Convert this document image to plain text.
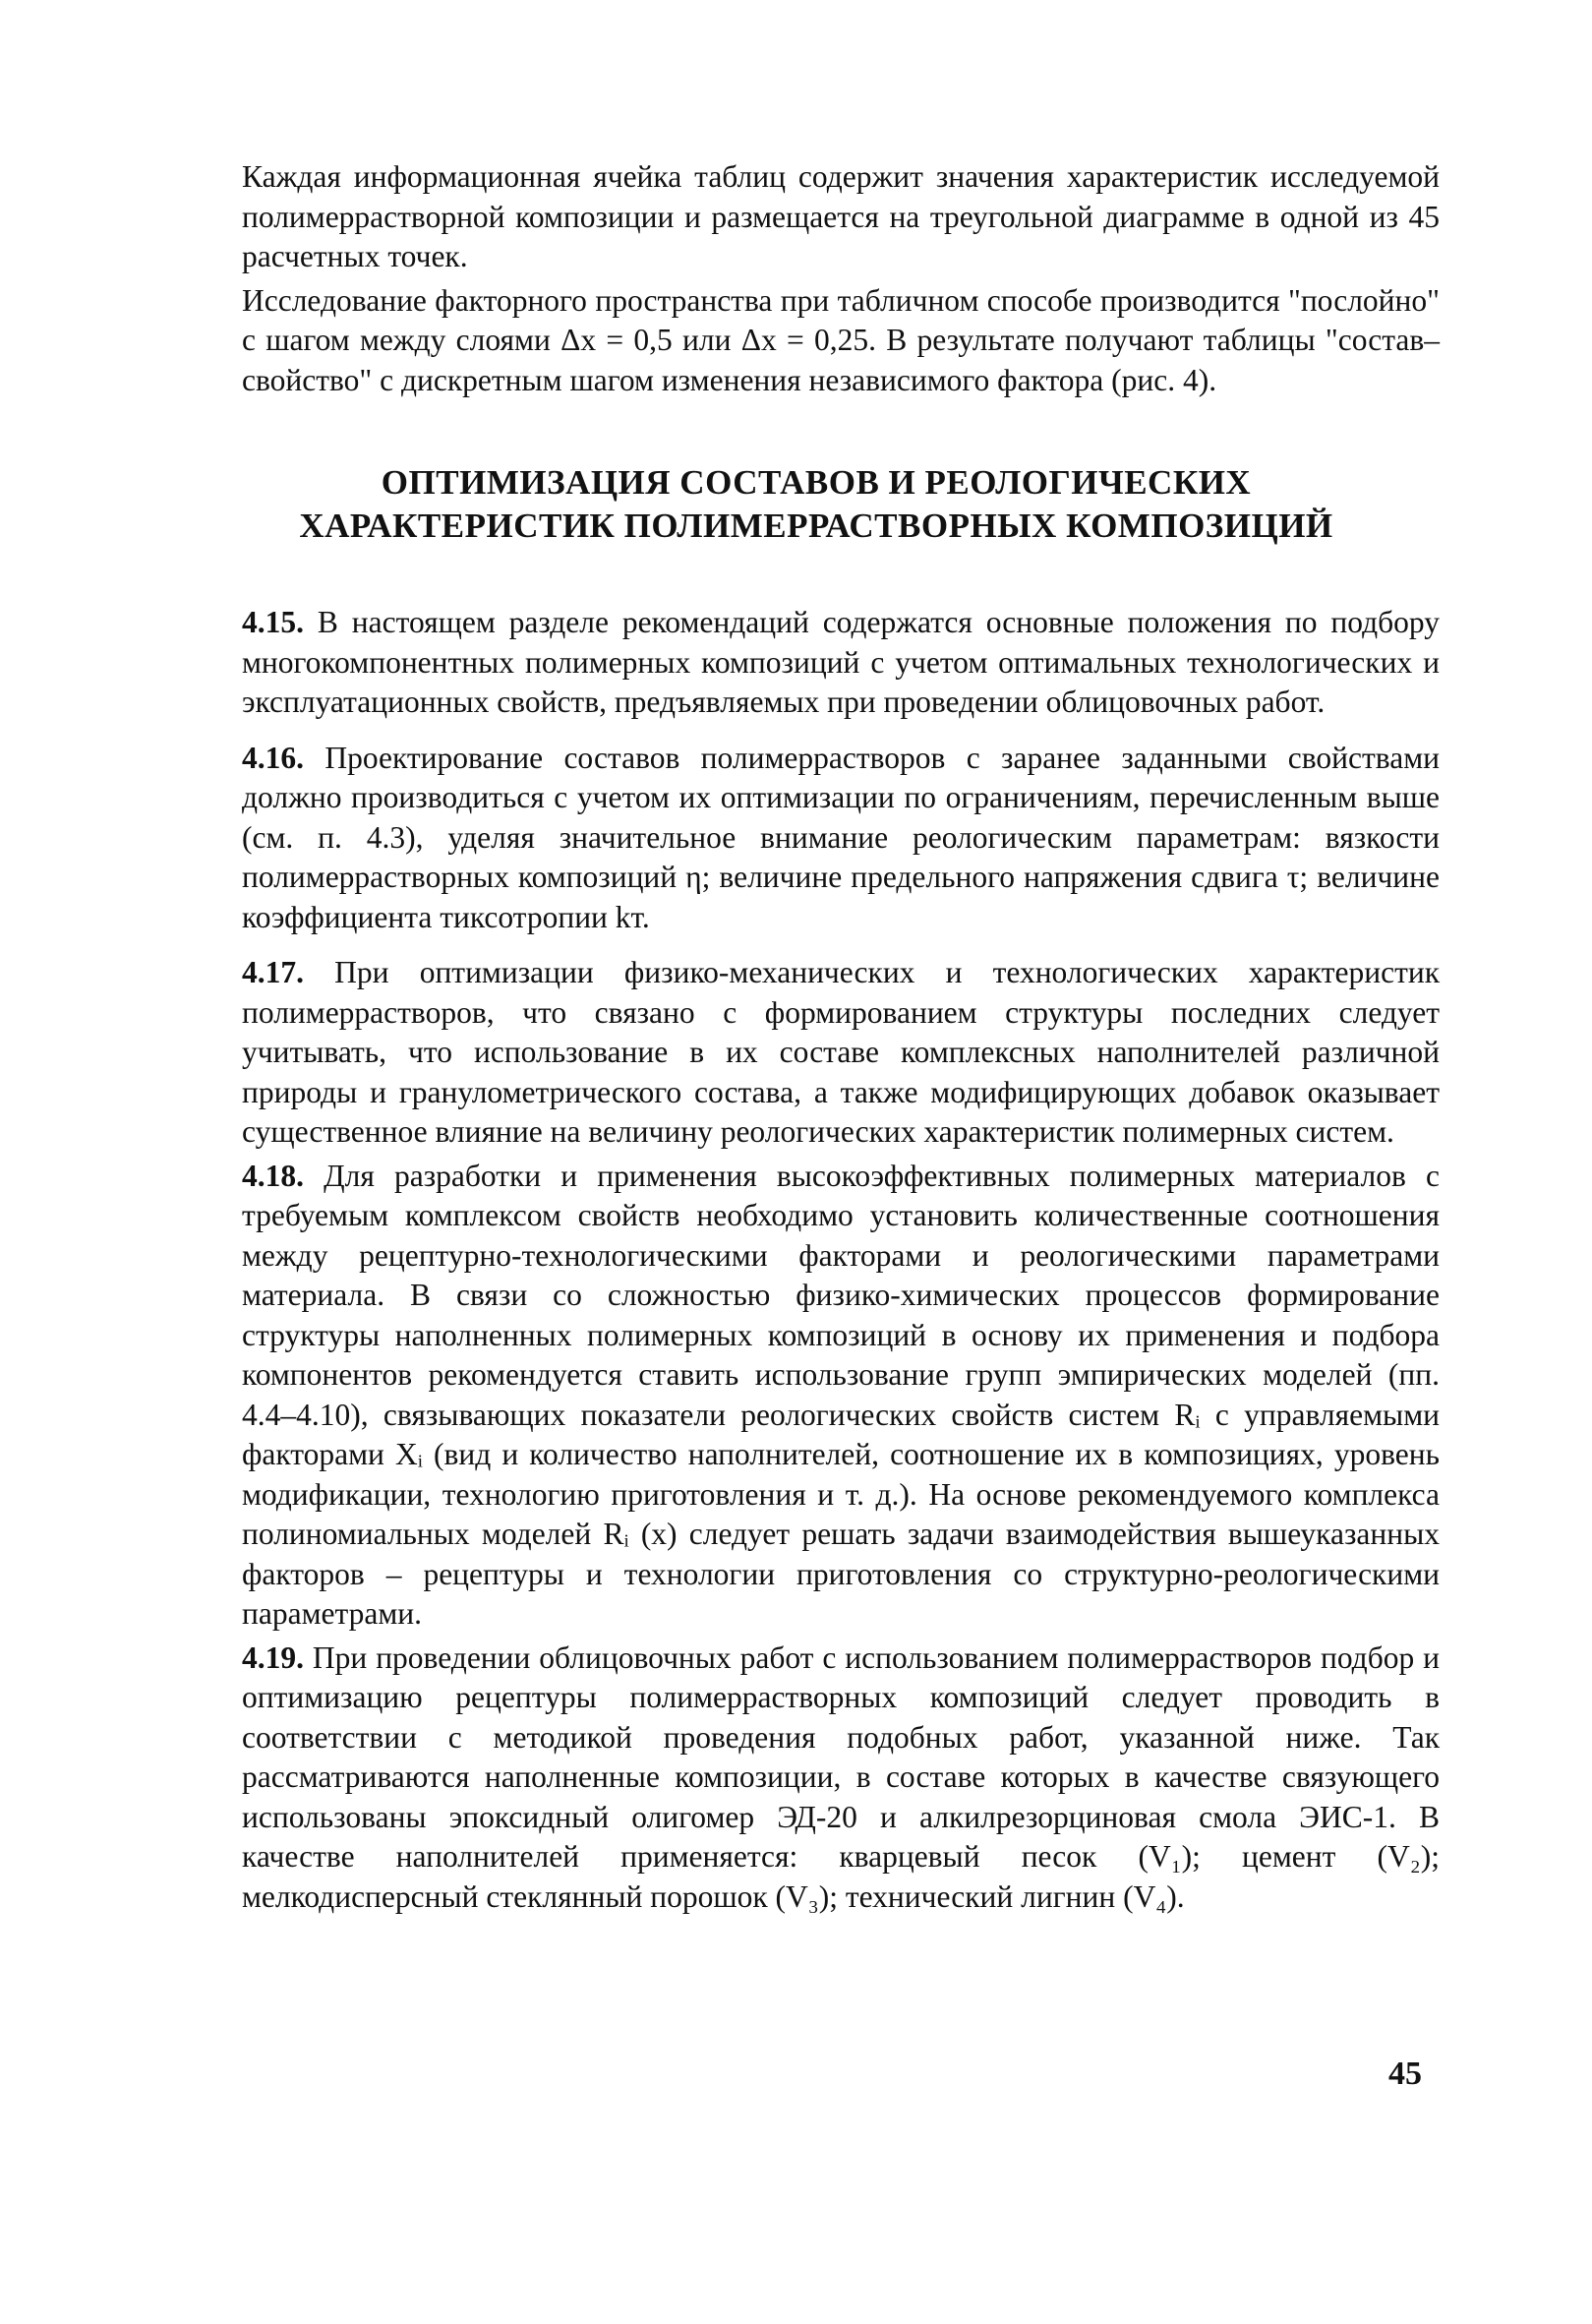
Каждая информационная ячейка таблиц содержит значения характеристик исследуемой полимеррастворной композиции и размещается на треугольной диаграмме в одной из 45 расчетных точек.

Исследование факторного пространства при табличном способе производится "послойно" с шагом между слоями Δx = 0,5 или Δx = 0,25. В результате получают таблицы "состав–свойство" с дискретным шагом изменения независимого фактора (рис. 4).

ОПТИМИЗАЦИЯ СОСТАВОВ И РЕОЛОГИЧЕСКИХ
ХАРАКТЕРИСТИК ПОЛИМЕРРАСТВОРНЫХ КОМПОЗИЦИЙ

4.15. В настоящем разделе рекомендаций содержатся основные положения по подбору многокомпонентных полимерных композиций с учетом оптимальных технологических и эксплуатационных свойств, предъявляемых при проведении облицовочных работ.

4.16. Проектирование составов полимеррастворов с заранее заданными свойствами должно производиться с учетом их оптимизации по ограничениям, перечисленным выше (см. п. 4.3), уделяя значительное внимание реологическим параметрам: вязкости полимеррастворных композиций η; величине предельного напряжения сдвига τ; величине коэффициента тиксотропии kт.

4.17. При оптимизации физико-механических и технологических характеристик полимеррастворов, что связано с формированием структуры последних следует учитывать, что использование в их составе комплексных наполнителей различной природы и гранулометрического состава, а также модифицирующих добавок оказывает существенное влияние на величину реологических характеристик полимерных систем.

4.18. Для разработки и применения высокоэффективных полимерных материалов с требуемым комплексом свойств необходимо установить количественные соотношения между рецептурно-технологическими факторами и реологическими параметрами материала. В связи со сложностью физико-химических процессов формирование структуры наполненных полимерных композиций в основу их применения и подбора компонентов рекомендуется ставить использование групп эмпирических моделей (пп. 4.4–4.10), связывающих показатели реологических свойств систем Rᵢ с управляемыми факторами Xᵢ (вид и количество наполнителей, соотношение их в композициях, уровень модификации, технологию приготовления и т. д.). На основе рекомендуемого комплекса полиномиальных моделей Rᵢ (x) следует решать задачи взаимодействия вышеуказанных факторов – рецептуры и технологии приготовления со структурно-реологическими параметрами.

4.19. При проведении облицовочных работ с использованием полимеррастворов подбор и оптимизацию рецептуры полимеррастворных композиций следует проводить в соответствии с методикой проведения подобных работ, указанной ниже. Так рассматриваются наполненные композиции, в составе которых в качестве связующего использованы эпоксидный олигомер ЭД-20 и алкилрезорциновая смола ЭИС-1. В качестве наполнителей применяется: кварцевый песок (V₁); цемент (V₂); мелкодисперсный стеклянный порошок (V₃); технический лигнин (V₄).

45
